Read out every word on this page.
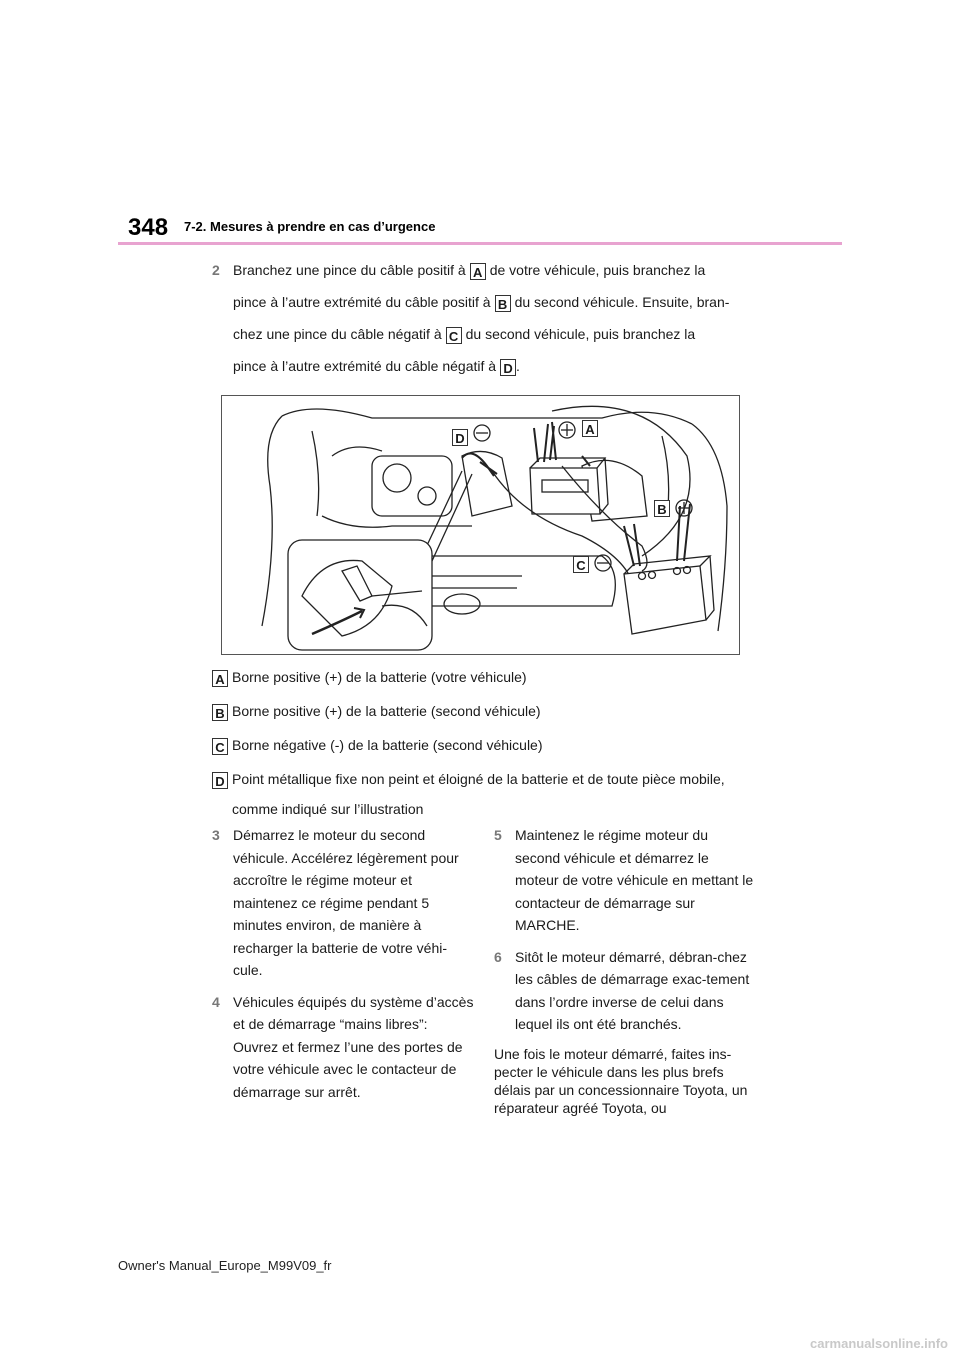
348 7-2. Mesures à prendre en cas d’urgence
2 Branchez une pince du câble positif à A de votre véhicule, puis branchez la
pince à l’autre extrémité du câble positif à B du second véhicule. Ensuite, bran-
chez une pince du câble négatif à C du second véhicule, puis branchez la
pince à l’autre extrémité du câble négatif à D .
D
A
B
C
A Borne positive (+) de la batterie (votre véhicule)
B Borne positive (+) de la batterie (second véhicule)
C Borne négative (-) de la batterie (second véhicule)
D Point métallique fixe non peint et éloigné de la batterie et de toute pièce mobile,
comme indiqué sur l’illustration
3 Démarrez le moteur du second véhicule. Accélérez légèrement pour accroître le régime moteur et maintenez ce régime pendant 5 minutes environ, de manière à recharger la batterie de votre véhi-cule.
4 Véhicules équipés du système d’accès et de démarrage “mains libres”: Ouvrez et fermez l’une des portes de votre véhicule avec le contacteur de démarrage sur arrêt.
5 Maintenez le régime moteur du second véhicule et démarrez le moteur de votre véhicule en mettant le contacteur de démarrage sur MARCHE.
6 Sitôt le moteur démarré, débran-chez les câbles de démarrage exac-tement dans l’ordre inverse de celui dans lequel ils ont été branchés.
Une fois le moteur démarré, faites ins-pecter le véhicule dans les plus brefs délais par un concessionnaire Toyota, un réparateur agréé Toyota, ou
Owner's Manual_Europe_M99V09_fr
carmanualsonline.info
